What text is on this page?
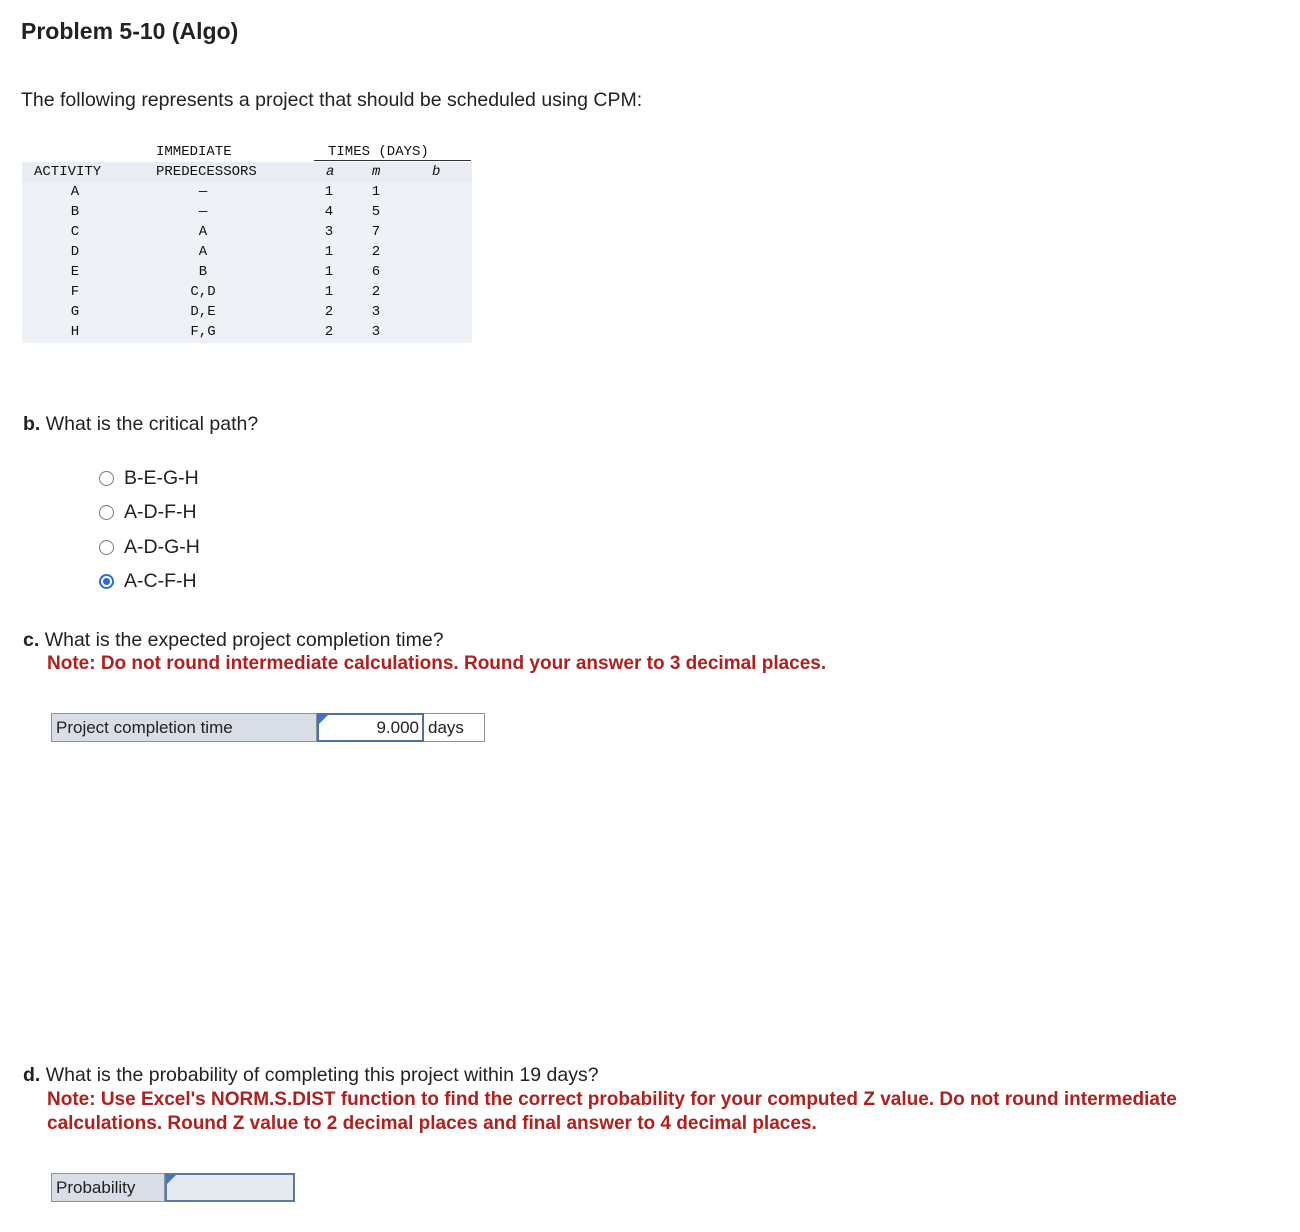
Problem 5-10 (Algo)
The following represents a project that should be scheduled using CPM:
IMMEDIATE	TIMES (DAYS)
ACTIVITY	PREDECESSORS	a	m	b
A	—	1	1
B	—	4	5
C	A	3	7
D	A	1	2
E	B	1	6
F	C,D	1	2
G	D,E	2	3
H	F,G	2	3
b. What is the critical path?
B-E-G-H
A-D-F-H
A-D-G-H
A-C-F-H
c. What is the expected project completion time?
Note: Do not round intermediate calculations. Round your answer to 3 decimal places.
Project completion time	9.000 days
d. What is the probability of completing this project within 19 days?
Note: Use Excel's NORM.S.DIST function to find the correct probability for your computed Z value. Do not round intermediate calculations. Round Z value to 2 decimal places and final answer to 4 decimal places.
Probability
